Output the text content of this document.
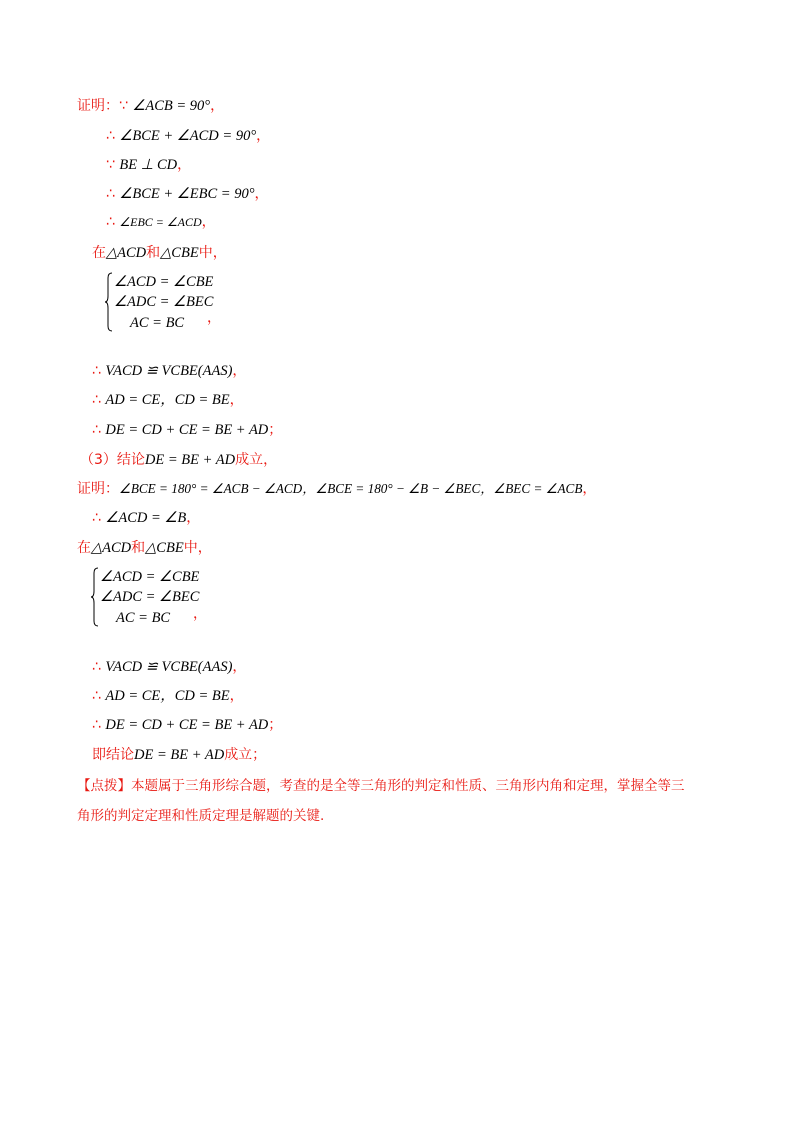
证明：∵ ∠ACB = 90°，
∴ ∠BCE + ∠ACD = 90°，
∵ BE ⊥ CD，
∴ ∠BCE + ∠EBC = 90°，
∴ ∠EBC = ∠ACD，
在△ACD和△CBE中，
∠ACD = ∠CBE
∠ADC = ∠BEC
AC = BC ，
∴ VACD ≌ VCBE(AAS)，
∴ AD = CE，CD = BE，
∴ DE = CD + CE = BE + AD；
（3）结论DE = BE + AD成立，
证明：∠BCE = 180° = ∠ACB − ∠ACD，∠BCE = 180° − ∠B − ∠BEC，∠BEC = ∠ACB，
∴ ∠ACD = ∠B，
在△ACD和△CBE中，
∠ACD = ∠CBE
∠ADC = ∠BEC
AC = BC ，
∴ VACD ≌ VCBE(AAS)，
∴ AD = CE，CD = BE，
∴ DE = CD + CE = BE + AD；
即结论DE = BE + AD成立；
【点拨】本题属于三角形综合题，考查的是全等三角形的判定和性质、三角形内角和定理，掌握全等三
角形的判定定理和性质定理是解题的关键.
